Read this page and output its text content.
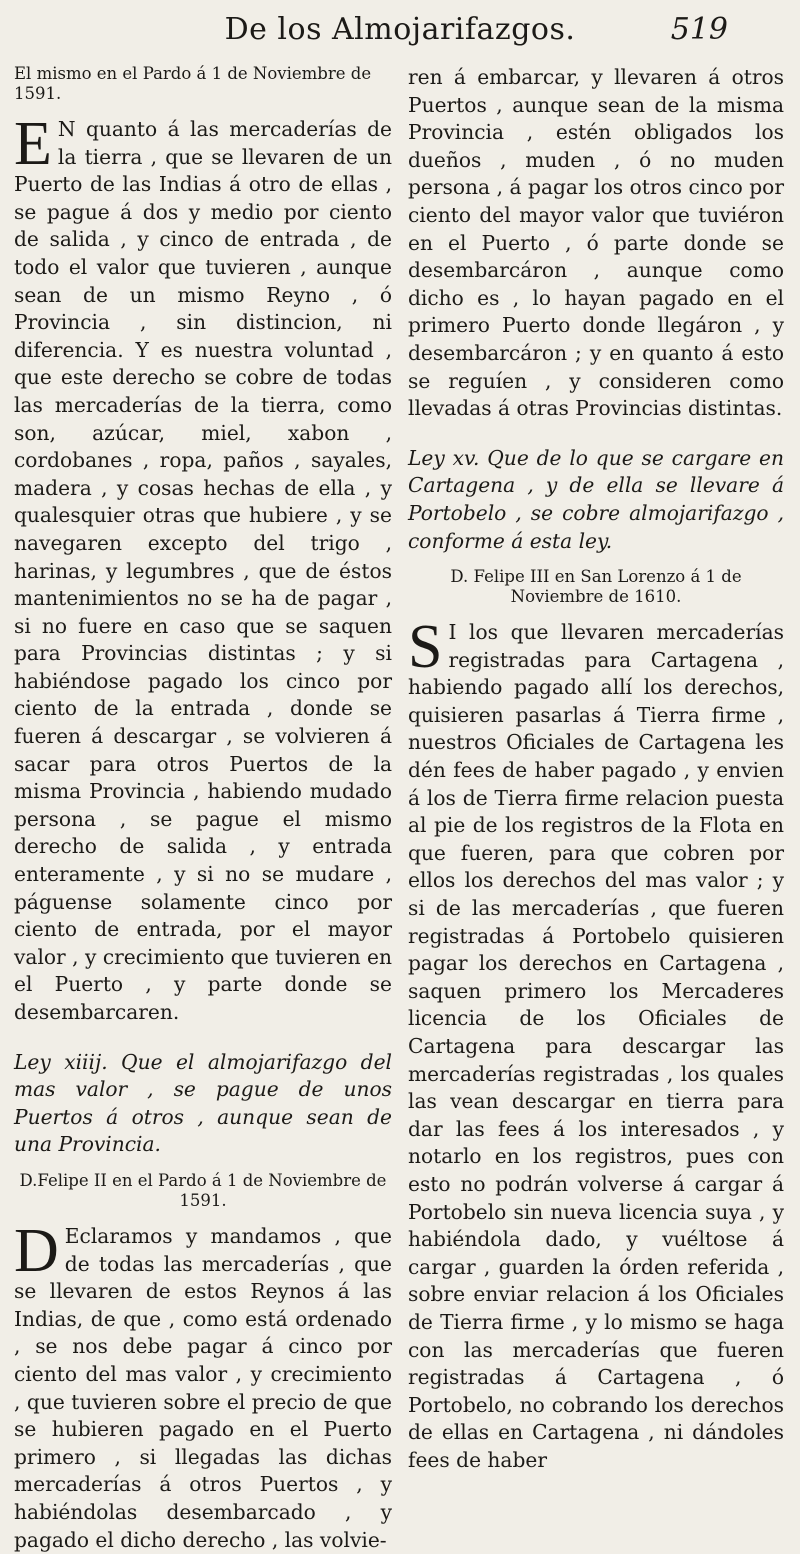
De los Almojarifazgos.	519

El mismo en el Pardo á 1 de Noviembre de 1591.

E N quanto á las mercaderías de la tierra , que se llevaren de un Puerto de las Indias á otro de ellas , se pague á dos y medio por ciento de salida , y cinco de entrada , de todo el valor que tuvieren , aunque sean de un mismo Reyno , ó Provincia , sin distincion, ni diferencia. Y es nuestra voluntad , que este derecho se cobre de todas las mercaderías de la tierra, como son, azúcar, miel, xabon , cordobanes , ropa, paños , sayales, madera , y cosas hechas de ella , y qualesquier otras que hubiere , y se navegaren excepto del trigo , harinas, y legumbres , que de éstos mantenimientos no se ha de pagar , si no fuere en caso que se saquen para Provincias distintas ; y si habiéndose pagado los cinco por ciento de la entrada , donde se fueren á descargar , se volvieren á sacar para otros Puertos de la misma Provincia , habiendo mudado persona , se pague el mismo derecho de salida , y entrada enteramente , y si no se mudare , páguense solamente cinco por ciento de entrada, por el mayor valor , y crecimiento que tuvieren en el Puerto , y parte donde se desembarcaren.

Ley xiiij. Que el almojarifazgo del mas valor , se pague de unos Puertos á otros , aunque sean de una Provincia.

D.Felipe II en el Pardo á 1 de Noviembre de 1591.

D Eclaramos y mandamos , que de todas las mercaderías , que se llevaren de estos Reynos á las Indias, de que , como está ordenado , se nos debe pagar á cinco por ciento del mas valor , y crecimiento , que tuvieren sobre el precio de que se hubieren pagado en el Puerto primero , si llegadas las dichas mercaderías á otros Puertos , y habiéndolas desembarcado , y pagado el dicho derecho , las volvie-

ren á embarcar, y llevaren á otros Puertos , aunque sean de la misma Provincia , estén obligados los dueños , muden , ó no muden persona , á pagar los otros cinco por ciento del mayor valor que tuviéron en el Puerto , ó parte donde se desembarcáron , aunque como dicho es , lo hayan pagado en el primero Puerto donde llegáron , y desembarcáron ; y en quanto á esto se reguíen , y consideren como llevadas á otras Provincias distintas.

Ley xv. Que de lo que se cargare en Cartagena , y de ella se llevare á Portobelo , se cobre almojarifazgo , conforme á esta ley.

D. Felipe III en San Lorenzo á 1 de Noviembre de 1610.

S I los que llevaren mercaderías registradas para Cartagena , habiendo pagado allí los derechos, quisieren pasarlas á Tierra firme , nuestros Oficiales de Cartagena les dén fees de haber pagado , y envien á los de Tierra firme relacion puesta al pie de los registros de la Flota en que fueren, para que cobren por ellos los derechos del mas valor ; y si de las mercaderías , que fueren registradas á Portobelo quisieren pagar los derechos en Cartagena , saquen primero los Mercaderes licencia de los Oficiales de Cartagena para descargar las mercaderías registradas , los quales las vean descargar en tierra para dar las fees á los interesados , y notarlo en los registros, pues con esto no podrán volverse á cargar á Portobelo sin nueva licencia suya , y habiéndola dado, y vuéltose á cargar , guarden la órden referida , sobre enviar relacion á los Oficiales de Tierra firme , y lo mismo se haga con las mercaderías que fueren registradas á Cartagena , ó Portobelo, no cobrando los derechos de ellas en Cartagena , ni dándoles fees de haber
